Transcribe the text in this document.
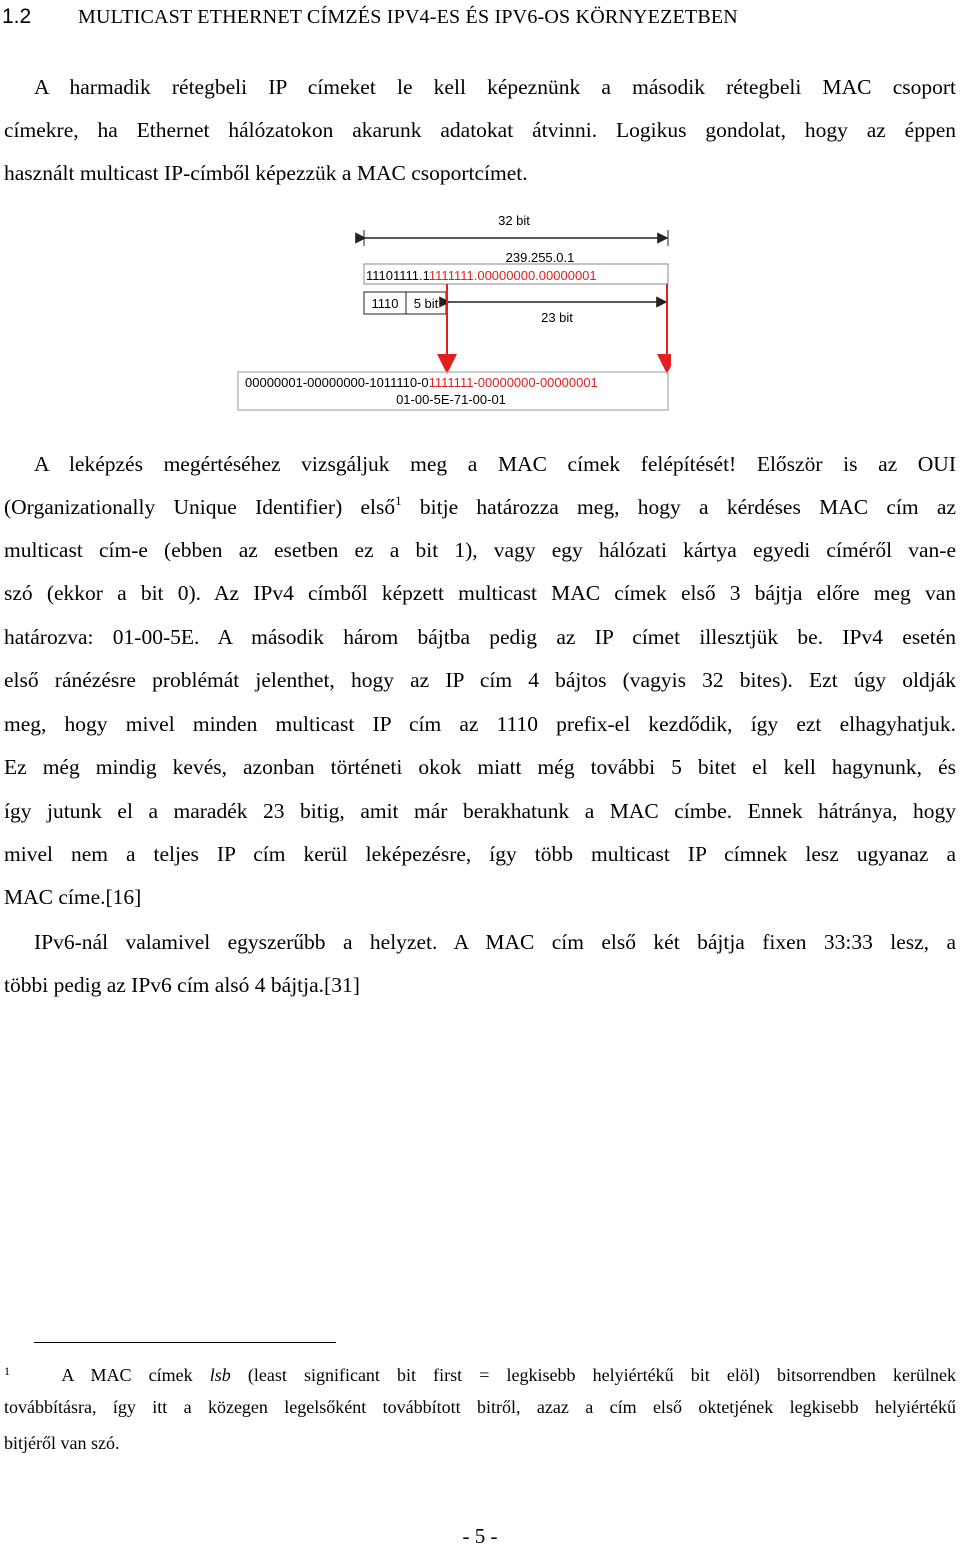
1.2 MULTICAST ETHERNET CÍMZÉS IPV4-ES ÉS IPV6-OS KÖRNYEZETBEN
A harmadik rétegbeli IP címeket le kell képeznünk a második rétegbeli MAC csoport
címekre, ha Ethernet hálózatokon akarunk adatokat átvinni. Logikus gondolat, hogy az éppen
használt multicast IP-címből képezzük a MAC csoportcímet.
32 bit
239.255.0.1
11101111.11111111.00000000.00000001
1110 5 bit
23 bit
00000001-00000000-1011110-01111111-00000000-00000001
01-00-5E-71-00-01
A leképzés megértéséhez vizsgáljuk meg a MAC címek felépítését! Először is az OUI
(Organizationally Unique Identifier) első$^1$ bitje határozza meg, hogy a kérdéses MAC cím az
multicast cím-e (ebben az esetben ez a bit 1), vagy egy hálózati kártya egyedi címéről van-e
szó (ekkor a bit 0). Az IPv4 címből képzett multicast MAC címek első 3 bájtja előre meg van
határozva: 01-00-5E. A második három bájtba pedig az IP címet illesztjük be. IPv4 esetén
első ránézésre problémát jelenthet, hogy az IP cím 4 bájtos (vagyis 32 bites). Ezt úgy oldják
meg, hogy mivel minden multicast IP cím az 1110 prefix-el kezdődik, így ezt elhagyhatjuk.
Ez még mindig kevés, azonban történeti okok miatt még további 5 bitet el kell hagynunk, és
így jutunk el a maradék 23 bitig, amit már berakhatunk a MAC címbe. Ennek hátránya, hogy
mivel nem a teljes IP cím kerül leképezésre, így több multicast IP címnek lesz ugyanaz a
MAC címe.[16]
IPv6-nál valamivel egyszerűbb a helyzet. A MAC cím első két bájtja fixen 33:33 lesz, a
többi pedig az IPv6 cím alsó 4 bájtja.[31]
$^1$	A MAC címek lsb (least significant bit first = legkisebb helyiértékű bit elöl) bitsorrendben kerülnek
továbbításra, így itt a közegen legelsőként továbbított bitről, azaz a cím első oktetjének legkisebb helyiértékű
bitjéről van szó.
- 5 -
